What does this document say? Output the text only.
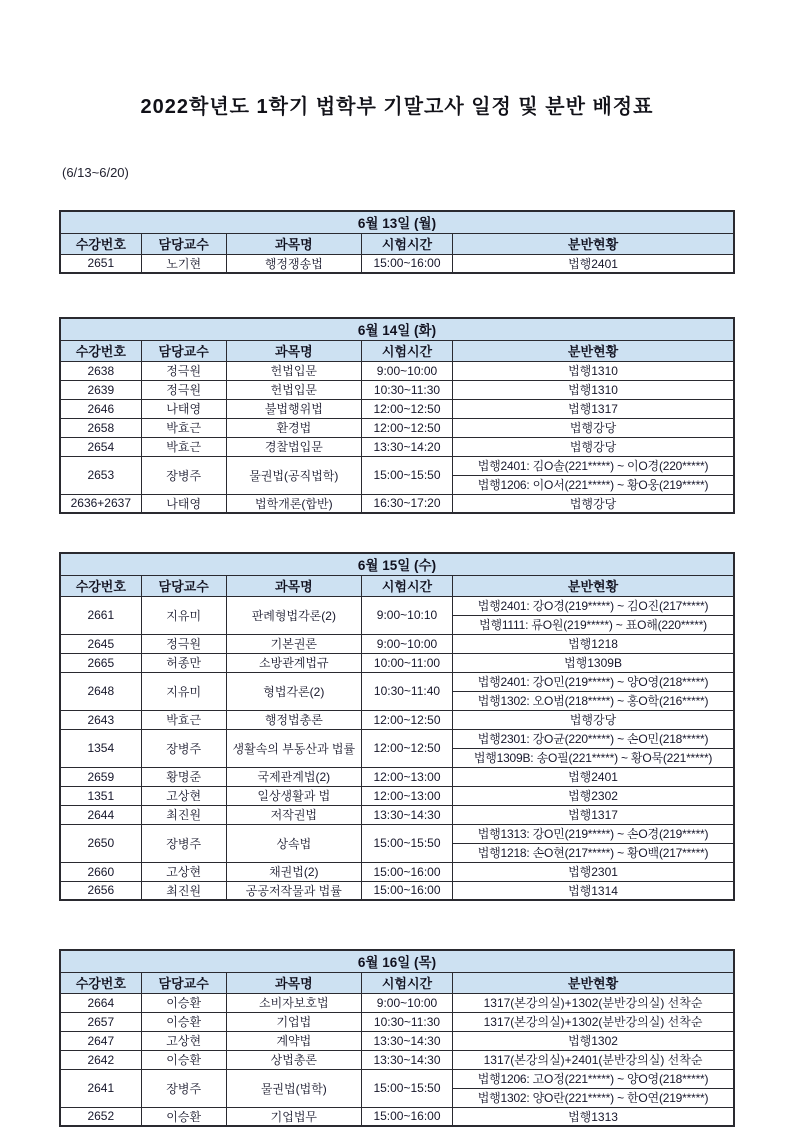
2022학년도 1학기 법학부 기말고사 일정 및 분반 배정표
(6/13~6/20)
6월 13일 (월)				
수강번호	담당교수	과목명	시험시간	분반현황
2651	노기현	행정쟁송법	15:00~16:00	법행2401
6월 14일 (화)				
수강번호	담당교수	과목명	시험시간	분반현황
2638	정극원	헌법입문	9:00~10:00	법행1310
2639	정극원	헌법입문	10:30~11:30	법행1310
2646	나태영	불법행위법	12:00~12:50	법행1317
2658	박효근	환경법	12:00~12:50	법행강당
2654	박효근	경찰법입문	13:30~14:20	법행강당
2653	장병주	물권법(공직법학)	15:00~15:50	법행2401: 김O솔(221*****) ~ 이O경(220*****)
				법행1206: 이O서(221*****) ~ 황O웅(219*****)
2636+2637	나태영	법학개론(합반)	16:30~17:20	법행강당
6월 15일 (수)				
수강번호	담당교수	과목명	시험시간	분반현황
2661	지유미	판례형법각론(2)	9:00~10:10	법행2401: 강O경(219*****) ~ 김O진(217*****)
				법행1111: 류O원(219*****) ~ 표O해(220*****)
2645	정극원	기본권론	9:00~10:00	법행1218
2665	허종만	소방관계법규	10:00~11:00	법행1309B
2648	지유미	형법각론(2)	10:30~11:40	법행2401: 강O민(219*****) ~ 양O영(218*****)
				법행1302: 오O범(218*****) ~ 홍O학(216*****)
2643	박효근	행정법총론	12:00~12:50	법행강당
1354	장병주	생활속의 부동산과 법률	12:00~12:50	법행2301: 강O균(220*****) ~ 손O민(218*****)
				법행1309B: 송O필(221*****) ~ 황O묵(221*****)
2659	황명준	국제관계법(2)	12:00~13:00	법행2401
1351	고상현	일상생활과 법	12:00~13:00	법행2302
2644	최진원	저작권법	13:30~14:30	법행1317
2650	장병주	상속법	15:00~15:50	법행1313: 강O민(219*****) ~ 손O경(219*****)
				법행1218: 손O현(217*****) ~ 황O백(217*****)
2660	고상현	채권법(2)	15:00~16:00	법행2301
2656	최진원	공공저작물과 법률	15:00~16:00	법행1314
6월 16일 (목)				
수강번호	담당교수	과목명	시험시간	분반현황
2664	이승환	소비자보호법	9:00~10:00	1317(본강의실)+1302(분반강의실) 선착순
2657	이승환	기업법	10:30~11:30	1317(본강의실)+1302(분반강의실) 선착순
2647	고상현	계약법	13:30~14:30	법행1302
2642	이승환	상법총론	13:30~14:30	1317(본강의실)+2401(분반강의실) 선착순
2641	장병주	물권법(법학)	15:00~15:50	법행1206: 고O정(221*****) ~ 양O영(218*****)
				법행1302: 양O란(221*****) ~ 한O연(219*****)
2652	이승환	기업법무	15:00~16:00	법행1313
